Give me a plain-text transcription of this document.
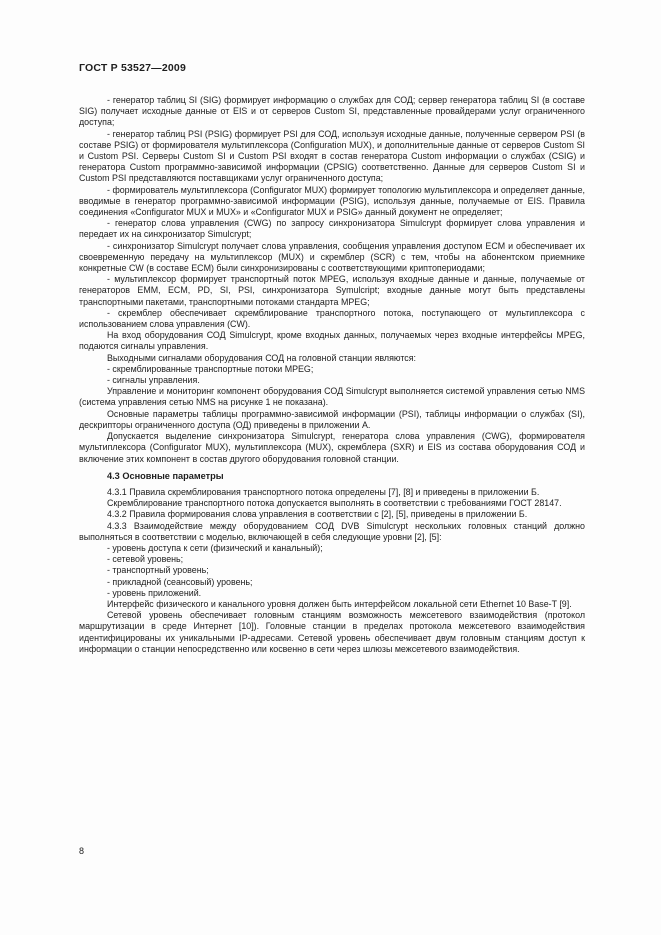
ГОСТ Р 53527—2009

- генератор таблиц SI (SIG) формирует информацию о службах для СОД; сервер генератора таблиц SI (в составе SIG) получает исходные данные от EIS и от серверов Custom SI, представленные провайдерами услуг ограниченного доступа;

- генератор таблиц PSI (PSIG) формирует PSI для СОД, используя исходные данные, полученные сервером PSI (в составе PSIG) от формирователя мультиплексора (Configuration MUX), и дополнительные данные от серверов Custom SI и Custom PSI. Серверы Custom SI и Custom PSI входят в состав генератора Custom информации о службах (CSIG) и генератора Custom программно-зависимой информации (CPSIG) соответственно. Данные для серверов Custom SI и Custom PSI представляются поставщиками услуг ограниченного доступа;

- формирователь мультиплексора (Configurator MUX) формирует топологию мультиплексора и определяет данные, вводимые в генератор программно-зависимой информации (PSIG), используя данные, получаемые от EIS. Правила соединения «Configurator MUX и MUX» и «Configurator MUX и PSIG» данный документ не определяет;

- генератор слова управления (CWG) по запросу синхронизатора Simulcrypt формирует слова управления и передает их на синхронизатор Simulcrypt;

- синхронизатор Simulcrypt получает слова управления, сообщения управления доступом ECM и обеспечивает их своевременную передачу на мультиплексор (MUX) и скремблер (SCR) с тем, чтобы на абонентском приемнике конкретные CW (в составе ECM) были синхронизированы с соответствующими криптопериодами;

- мультиплексор формирует транспортный поток MPEG, используя входные данные и данные, получаемые от генераторов EMM, ECM, PD, SI, PSI, синхронизатора Symulcript; входные данные могут быть представлены транспортными пакетами, транспортными потоками стандарта MPEG;

- скремблер обеспечивает скремблирование транспортного потока, поступающего от мультиплексора с использованием слова управления (CW).

На вход оборудования СОД Simulcrypt, кроме входных данных, получаемых через входные интерфейсы MPEG, подаются сигналы управления.

Выходными сигналами оборудования СОД на головной станции являются:

- скремблированные транспортные потоки MPEG;

- сигналы управления.

Управление и мониторинг компонент оборудования СОД Simulcrypt выполняется системой управления сетью NMS (система управления сетью NMS на рисунке 1 не показана).

Основные параметры таблицы программно-зависимой информации (PSI), таблицы информации о службах (SI), дескрипторы ограниченного доступа (ОД) приведены в приложении А.

Допускается выделение синхронизатора Simulcrypt, генератора слова управления (CWG), формирователя мультиплексора (Configurator MUX), мультиплексора (MUX), скремблера (SXR) и EIS из состава оборудования СОД и включение этих компонент в состав другого оборудования головной станции.

4.3 Основные параметры

4.3.1 Правила скремблирования транспортного потока определены [7], [8] и приведены в приложении Б.

Скремблирование транспортного потока допускается выполнять в соответствии с требованиями ГОСТ 28147.

4.3.2 Правила формирования слова управления в соответствии с [2], [5], приведены в приложении Б.

4.3.3 Взаимодействие между оборудованием СОД DVB Simulcrypt нескольких головных станций должно выполняться в соответствии с моделью, включающей в себя следующие уровни [2], [5]:

- уровень доступа к сети (физический и канальный);

- сетевой уровень;

- транспортный уровень;

- прикладной (сеансовый) уровень;

- уровень приложений.

Интерфейс физического и канального уровня должен быть интерфейсом локальной сети Ethernet 10 Base-T [9].

Сетевой уровень обеспечивает головным станциям возможность межсетевого взаимодействия (протокол маршрутизации в среде Интернет [10]). Головные станции в пределах протокола межсетевого взаимодействия идентифицированы их уникальными IP-адресами. Сетевой уровень обеспечивает двум головным станциям доступ к информации о станции непосредственно или косвенно в сети через шлюзы межсетевого взаимодействия.

8
